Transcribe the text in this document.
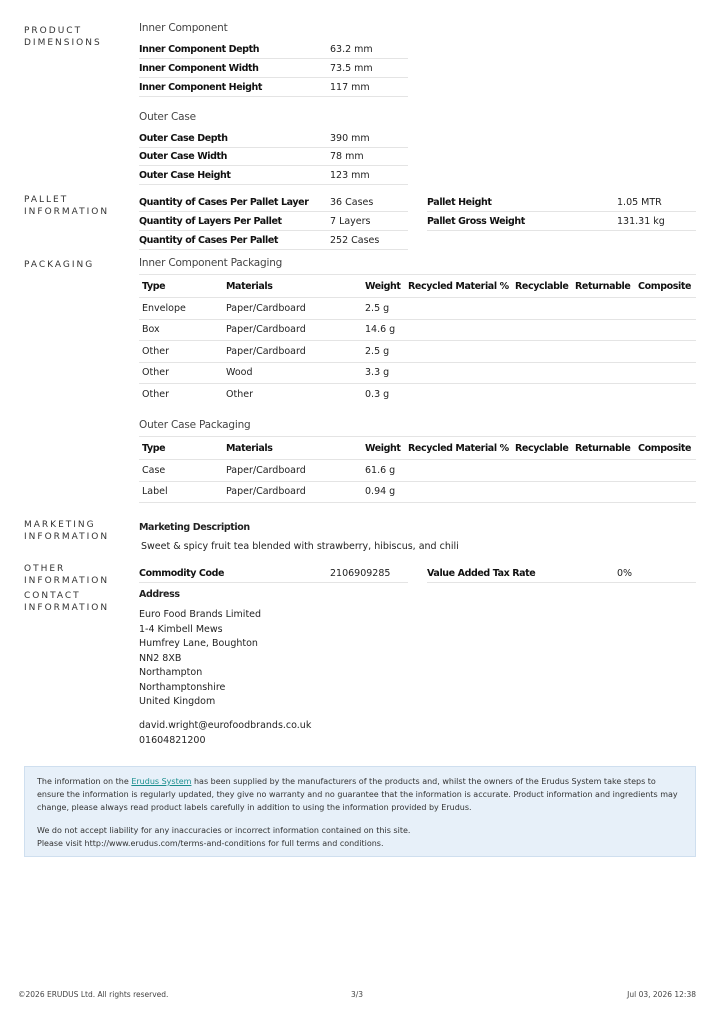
PRODUCT
DIMENSIONS
PALLET
INFORMATION
PACKAGING
MARKETING
INFORMATION
OTHER
INFORMATION
CONTACT
INFORMATION
Inner Component
Inner Component Depth	63.2 mm
Inner Component Width	73.5 mm
Inner Component Height	117 mm
Outer Case
Outer Case Depth	390 mm
Outer Case Width	78 mm
Outer Case Height	123 mm
Quantity of Cases Per Pallet Layer 36 Cases
Quantity of Layers Per Pallet	7 Layers
Quantity of Cases Per Pallet	252 Cases
Pallet Height	1.05 MTR
Pallet Gross Weight	131.31 kg
Inner Component Packaging
Type	Materials	Weight	Recycled Material %	Recyclable	Returnable	Composite
Envelope	Paper/Cardboard	2.5 g				
Box	Paper/Cardboard	14.6 g				
Other	Paper/Cardboard	2.5 g				
Other	Wood	3.3 g				
Other	Other	0.3 g				
Outer Case Packaging
Type	Materials	Weight	Recycled Material %	Recyclable	Returnable	Composite
Case	Paper/Cardboard	61.6 g				
Label	Paper/Cardboard	0.94 g				
Marketing Description
Sweet & spicy fruit tea blended with strawberry, hibiscus, and chili
Commodity Code	2106909285	Value Added Tax Rate	0%
Address
Euro Food Brands Limited
1-4 Kimbell Mews
Humfrey Lane, Boughton
NN2 8XB
Northampton
Northamptonshire
United Kingdom
david.wright@eurofoodbrands.co.uk
01604821200

The information on the Erudus System has been supplied by the manufacturers of the products and, whilst the owners of the Erudus System take steps to ensure the information is regularly updated, they give no warranty and no guarantee that the information is accurate. Product information and ingredients may change, please always read product labels carefully in addition to using the information provided by Erudus.

We do not accept liability for any inaccuracies or incorrect information contained on this site.

Please visit http://www.erudus.com/terms-and-conditions for full terms and conditions.

©2026 ERUDUS Ltd. All rights reserved.	3/3	Jul 03, 2026 12:38
